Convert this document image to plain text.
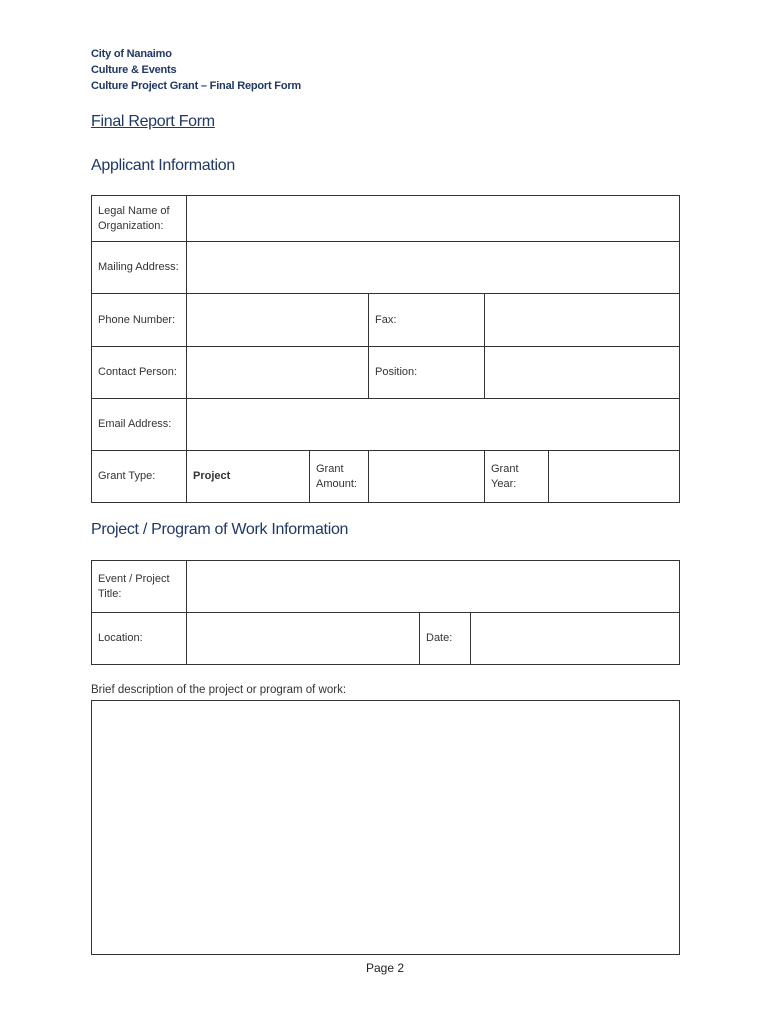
City of Nanaimo
Culture & Events
Culture Project Grant – Final Report Form
Final Report Form
Applicant Information
Legal Name of Organization:					
Mailing Address:					
Phone Number:			Fax:		
Contact Person:			Position:		
Email Address:					
Grant Type:	Project	Grant Amount:		Grant Year:	
Project / Program of Work Information
Event / Project Title:			
Location:		Date:	
Brief description of the project or program of work:
Page 2
